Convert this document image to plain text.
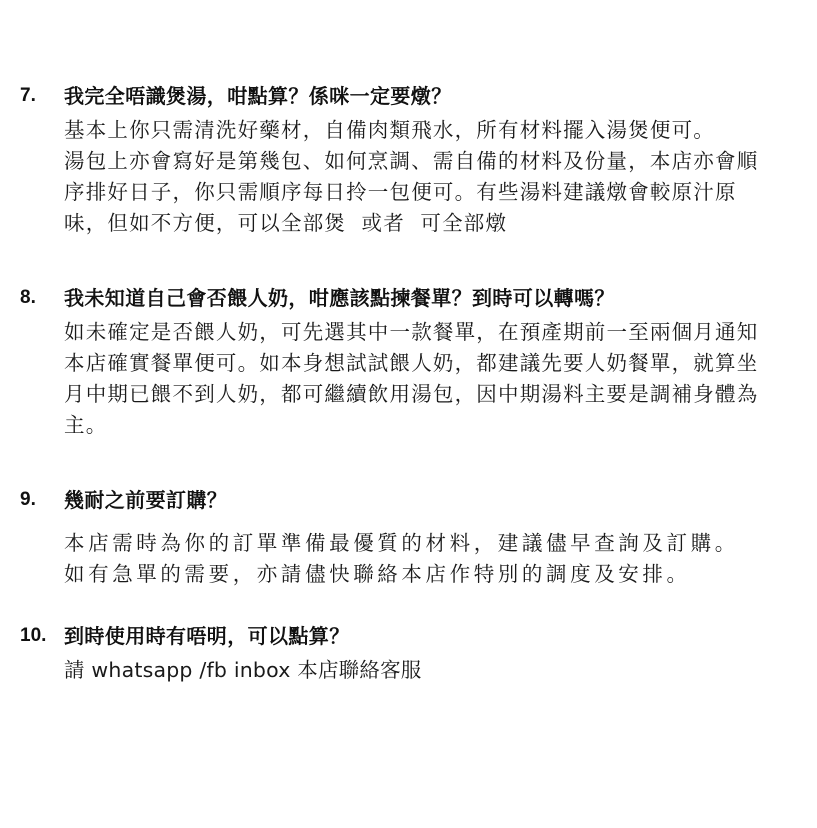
7. 我完全唔識煲湯，咁點算？係咪一定要燉？
基本上你只需清洗好藥材，自備肉類飛水，所有材料擺入湯煲便可。
湯包上亦會寫好是第幾包、如何烹調、需自備的材料及份量，本店亦會順
序排好日子，你只需順序每日拎一包便可。有些湯料建議燉會較原汁原
味，但如不方便，可以全部煲  或者  可全部燉
8. 我未知道自己會否餵人奶，咁應該點揀餐單？到時可以轉嗎？
如未確定是否餵人奶，可先選其中一款餐單，在預產期前一至兩個月通知
本店確實餐單便可。如本身想試試餵人奶，都建議先要人奶餐單，就算坐
月中期已餵不到人奶，都可繼續飲用湯包，因中期湯料主要是調補身體為
主。
9. 幾耐之前要訂購？
本店需時為你的訂單準備最優質的材料，建議儘早查詢及訂購。
如有急單的需要，亦請儘快聯絡本店作特別的調度及安排。
10. 到時使用時有唔明，可以點算？
請 whatsapp /fb inbox 本店聯絡客服
